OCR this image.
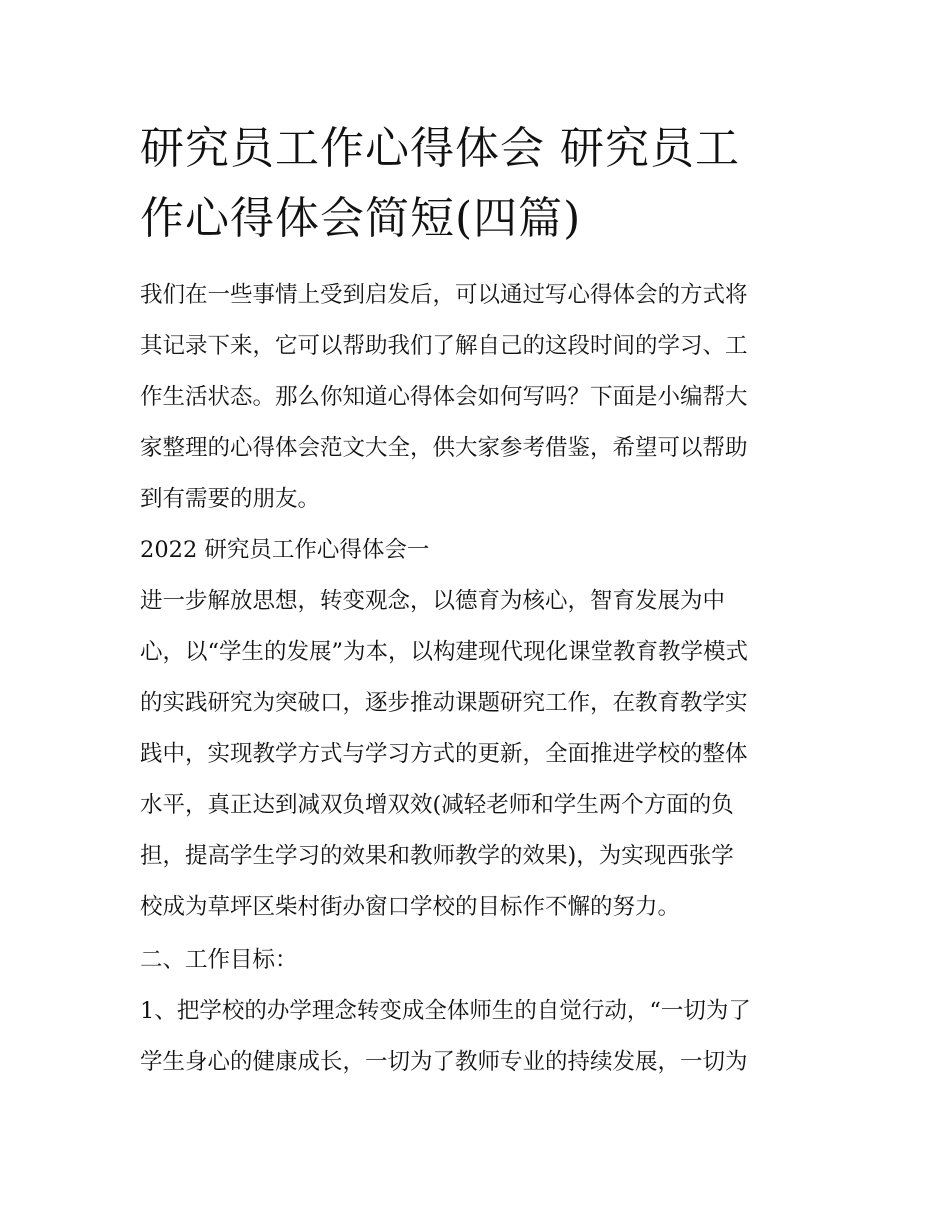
研究员工作心得体会 研究员工
作心得体会简短(四篇)
我们在一些事情上受到启发后，可以通过写心得体会的方式将
其记录下来，它可以帮助我们了解自己的这段时间的学习、工
作生活状态。那么你知道心得体会如何写吗？下面是小编帮大
家整理的心得体会范文大全，供大家参考借鉴，希望可以帮助
到有需要的朋友。
2022 研究员工作心得体会一
进一步解放思想，转变观念，以德育为核心，智育发展为中
心，以“学生的发展”为本，以构建现代现化课堂教育教学模式
的实践研究为突破口，逐步推动课题研究工作，在教育教学实
践中，实现教学方式与学习方式的更新，全面推进学校的整体
水平，真正达到减双负增双效(减轻老师和学生两个方面的负
担，提高学生学习的效果和教师教学的效果)，为实现西张学
校成为草坪区柴村街办窗口学校的目标作不懈的努力。
二、工作目标：
1、把学校的办学理念转变成全体师生的自觉行动，“一切为了
学生身心的健康成长，一切为了教师专业的持续发展，一切为
